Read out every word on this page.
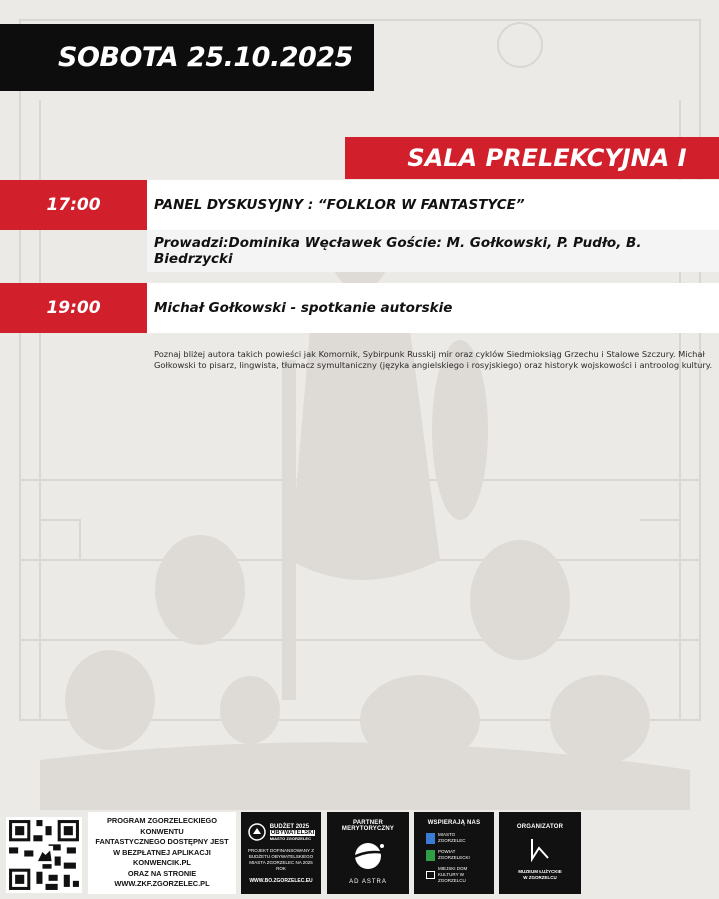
SOBOTA 25.10.2025
SALA PRELEKCYJNA I
17:00	PANEL DYSKUSYJNY : “FOLKLOR W FANTASTYCE”
Prowadzi:Dominika Węcławek Goście: M. Gołkowski, P. Pudło, B. Biedrzycki
19:00	Michał Gołkowski - spotkanie autorskie
Poznaj bliżej autora takich powieści jak Komornik, Sybirpunk Russkij mir oraz cyklów Siedmioksiąg Grzechu i Stalowe Szczury. Michał Gołkowski to pisarz, lingwista, tłumacz symultaniczny (języka angielskiego i rosyjskiego) oraz historyk wojskowości i antroolog kultury.
PROGRAM ZGORZELECKIEGO KONWENTU
FANTASTYCZNEGO DOSTĘPNY JEST
W BEZPŁATNEJ APLIKACJI
KONWENCIK.PL
ORAZ NA STRONIE
WWW.ZKF.ZGORZELEC.PL
BUDŻET 2025
OBYWATELSKI
MIASTO ZGORZELEC
PROJEKT DOFINANSOWANY Z BUDŻETU OBYWATELSKIEGO MIASTA ZGORZELEC NA 2025 ROK
WWW.BO.ZGORZELEC.EU
PARTNER MERYTORYCZNY
AD ASTRA
WSPIERAJĄ NAS
MIASTO ZGORZELEC
POWIAT ZGORZELECKI
MIEJSKI DOM KULTURY W ZGORZELCU
ORGANIZATOR
MUZEUM ŁUŻYCKIE W ZGORZELCU
